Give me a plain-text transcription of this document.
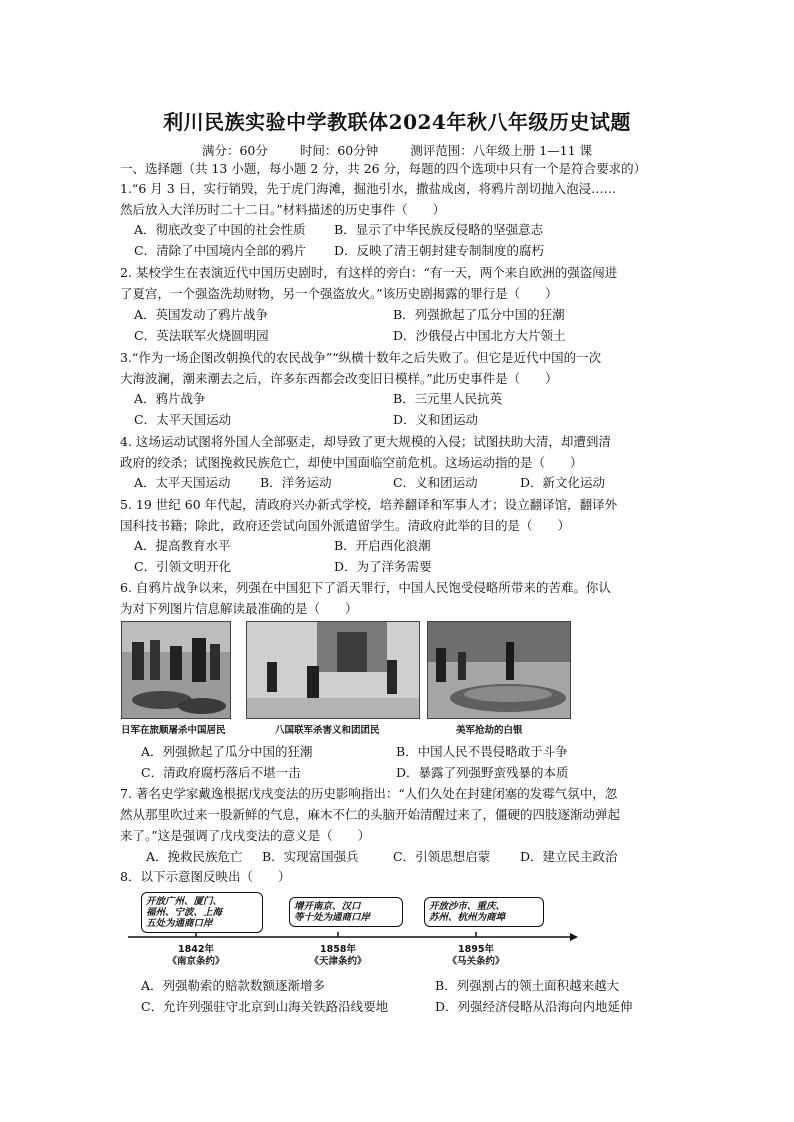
利川民族实验中学教联体2024年秋八年级历史试题
满分：60分	时间：60分钟	测评范围：八年级上册 1—11 课
一、选择题（共 13 小题，每小题 2 分，共 26 分，每题的四个选项中只有一个是符合要求的）
1.“6 月 3 日，实行销毁，先于虎门海滩，掘池引水，撒盐成卤，将鸦片剖切抛入泡浸……
然后放入大洋历时二十二日。”材料描述的历史事件（　　）
A．彻底改变了中国的社会性质 B．显示了中华民族反侵略的坚强意志
C．清除了中国境内全部的鸦片 D．反映了清王朝封建专制制度的腐朽
2. 某校学生在表演近代中国历史剧时，有这样的旁白：“有一天，两个来自欧洲的强盗闯进
了夏宫，一个强盗洗劫财物，另一个强盗放火。”该历史剧揭露的罪行是（　　）
A．英国发动了鸦片战争	B．列强掀起了瓜分中国的狂潮
C．英法联军火烧圆明园	D．沙俄侵占中国北方大片领土
3.“作为一场企图改朝换代的农民战争”“纵横十数年之后失败了。但它是近代中国的一次
大海波澜，潮来潮去之后，许多东西都会改变旧日模样。”此历史事件是（　　）
A．鸦片战争	B．三元里人民抗英
C．太平天国运动	D．义和团运动
4. 这场运动试图将外国人全部驱走，却导致了更大规模的入侵；试图扶助大清，却遭到清
政府的绞杀；试图挽救民族危亡，却使中国面临空前危机。这场运动指的是（　　）
A．太平天国运动 B．洋务运动	C．义和团运动	D．新文化运动
5. 19 世纪 60 年代起，清政府兴办新式学校，培养翻译和军事人才；设立翻译馆，翻译外
国科技书籍；除此，政府还尝试向国外派遣留学生。清政府此举的目的是（　　）
A．提高教育水平	B．开启西化浪潮
C．引领文明开化	D．为了洋务需要
6. 自鸦片战争以来，列强在中国犯下了滔天罪行，中国人民饱受侵略所带来的苦难。你认
为对下列图片信息解读最准确的是（　　）
日军在旅顺屠杀中国居民	八国联军杀害义和团团民	美军抢劫的白银
A．列强掀起了瓜分中国的狂潮	B．中国人民不畏侵略敢于斗争
C．清政府腐朽落后不堪一击	D．暴露了列强野蛮残暴的本质
7. 著名史学家戴逸根据戊戌变法的历史影响指出：“人们久处在封建闭塞的发霉气氛中，忽
然从那里吹过来一股新鲜的气息，麻木不仁的头脑开始清醒过来了，僵硬的四肢逐渐动弹起
来了。”这是强调了戊戌变法的意义是（　　）
A．挽救民族危亡 B．实现富国强兵	C．引领思想启蒙 D．建立民主政治
8．以下示意图反映出（　　）
开放广州、厦门、
福州、宁波、上海
五处为通商口岸
增开南京、汉口
等十处为通商口岸
开放沙市、重庆、
苏州、杭州为商埠
1842年
《南京条约》
1858年
《天津条约》
1895年
《马关条约》
A．列强勒索的赔款数额逐渐增多	B．列强割占的领土面积越来越大
C．允许列强驻守北京到山海关铁路沿线要地	D．列强经济侵略从沿海向内地延伸
